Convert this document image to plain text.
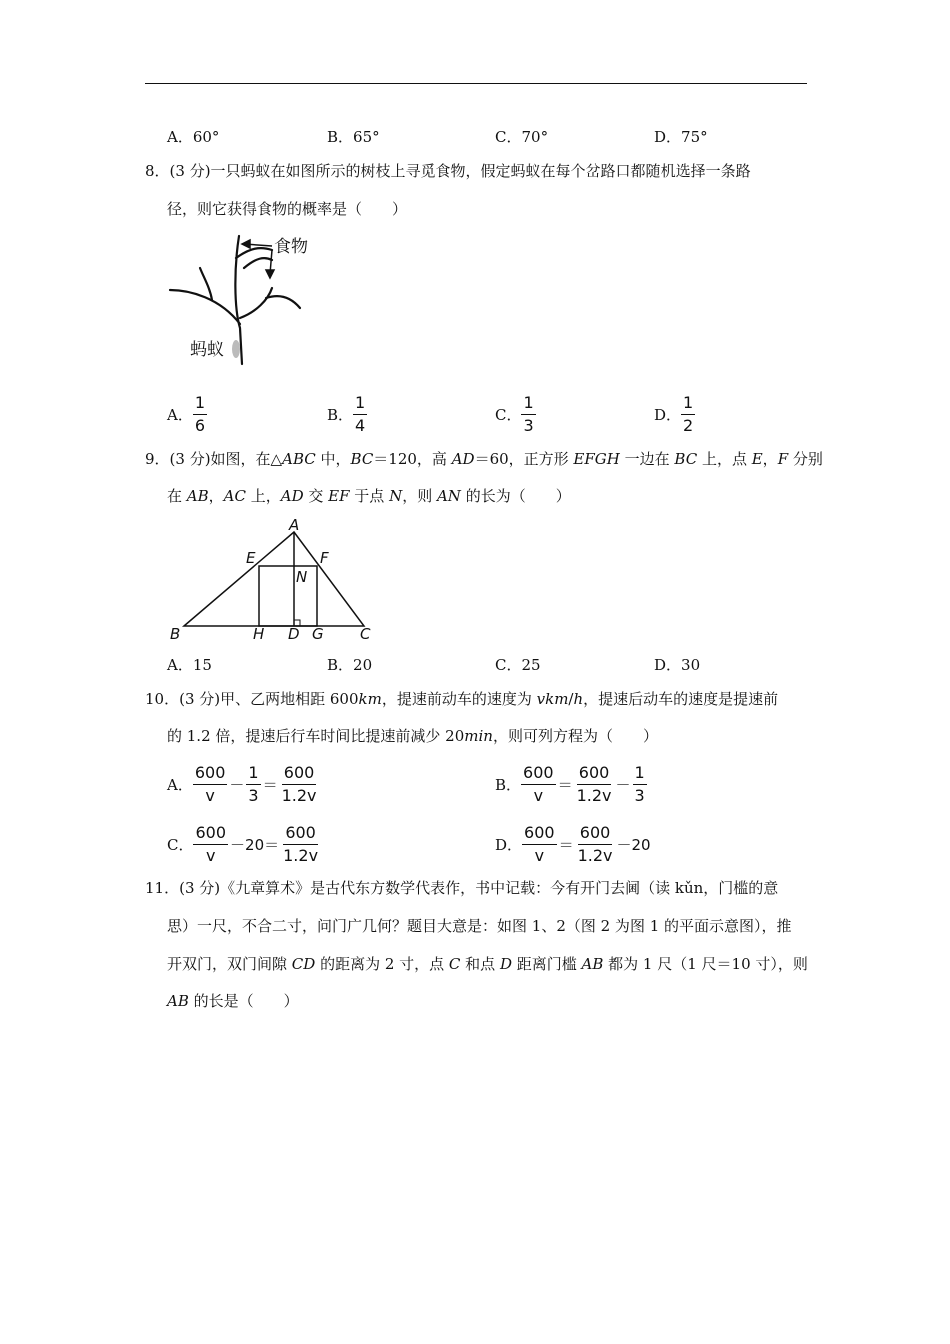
A．60°	B．65°	C．70°	D．75°
8．(3 分)一只蚂蚁在如图所示的树枝上寻觅食物，假定蚂蚁在每个岔路口都随机选择一条路
径，则它获得食物的概率是（　　）
食物
蚂蚁
A． $\frac{1}{6}$	B． $\frac{1}{4}$	C． $\frac{1}{3}$	D． $\frac{1}{2}$
9．(3 分)如图，在△ABC 中，BC＝120，高 AD＝60，正方形 EFGH 一边在 BC 上，点 E，F 分别
在 AB，AC 上，AD 交 EF 于点 N，则 AN 的长为（　　）
A
B	C
D
E	F
G
H
N
A．15	B．20	C．25	D．30
10．(3 分)甲、乙两地相距 600km，提速前动车的速度为 vkm/h，提速后动车的速度是提速前
的 1.2 倍，提速后行车时间比提速前减少 20min，则可列方程为（　　）
A． $\frac{600}{v} - \frac{1}{3} = \frac{600}{1.2v}$	B． $\frac{600}{v} = \frac{600}{1.2v} - \frac{1}{3}$
C． $\frac{600}{v} -20= \frac{600}{1.2v}$	D． $\frac{600}{v} = \frac{600}{1.2v} -20$
11．(3 分)《九章算术》是古代东方数学代表作，书中记载：今有开门去阃（读 kǔn，门槛的意
思）一尺，不合二寸，问门广几何？题目大意是：如图 1、2（图 2 为图 1 的平面示意图），推
开双门，双门间隙 CD 的距离为 2 寸，点 C 和点 D 距离门槛 AB 都为 1 尺（1 尺＝10 寸），则
AB 的长是（　　）
